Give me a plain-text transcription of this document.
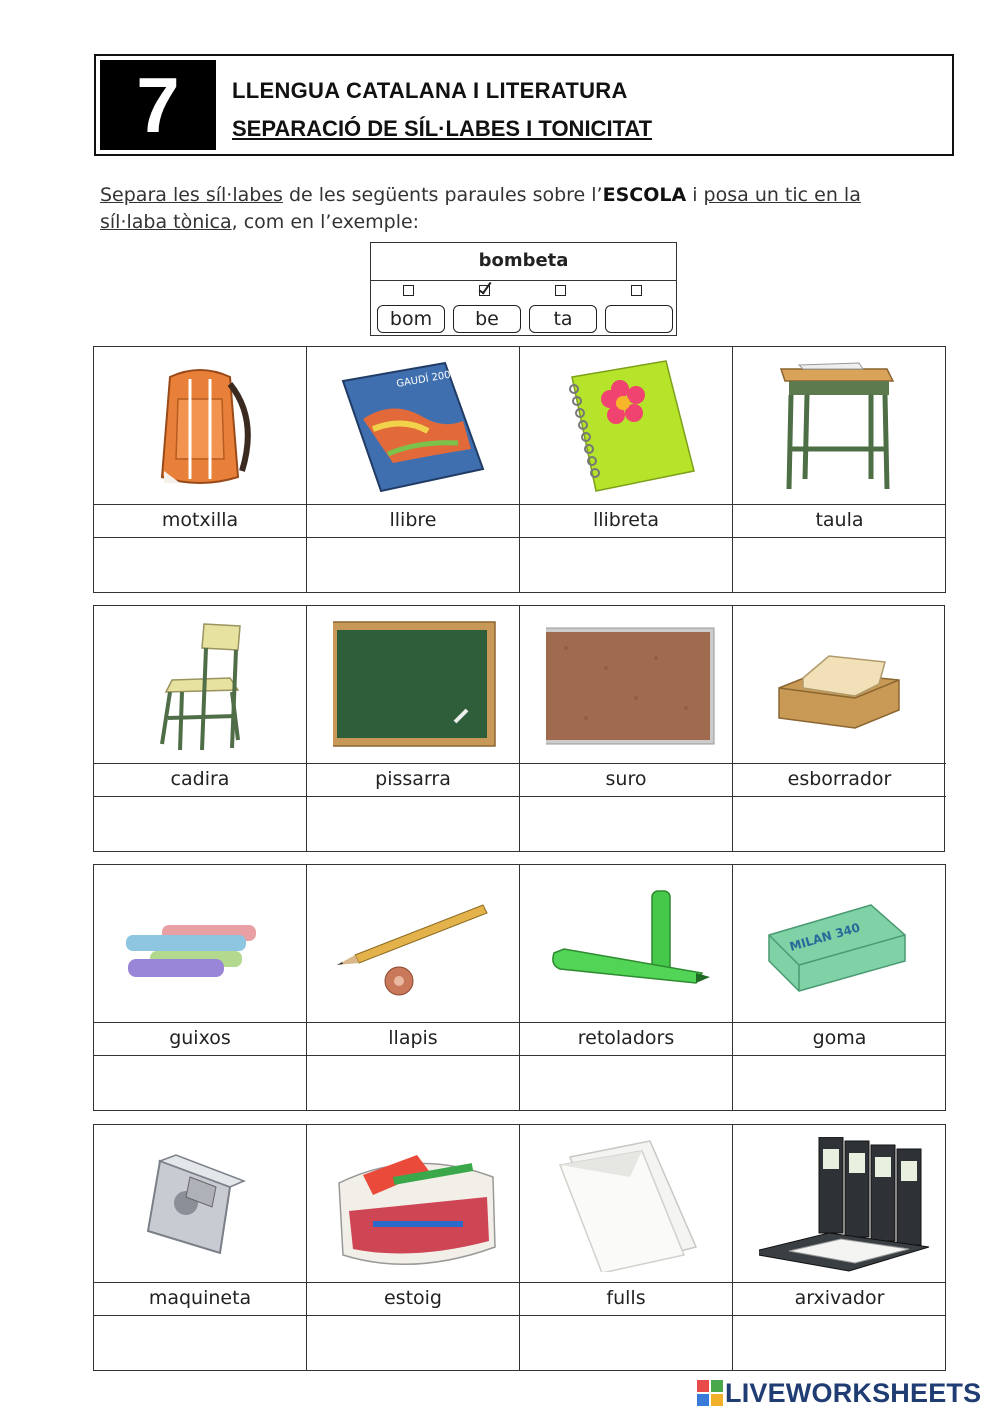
7	LLENGUA CATALANA I LITERATURA
SEPARACIÓ DE SÍL·LABES I TONICITAT
Separa les síl·labes de les següents paraules sobre l’ESCOLA i posa un tic en la síl·laba tònica, com en l’exemple:
bombeta
bom	be	ta
motxilla
GAUDÍ 2002
llibre	llibreta	taula
cadira	pissarra	suro	esborrador
guixos	llapis	retoladors
MILAN 340
goma
maquineta	estoig	fulls	arxivador
LIVEWORKSHEETS
